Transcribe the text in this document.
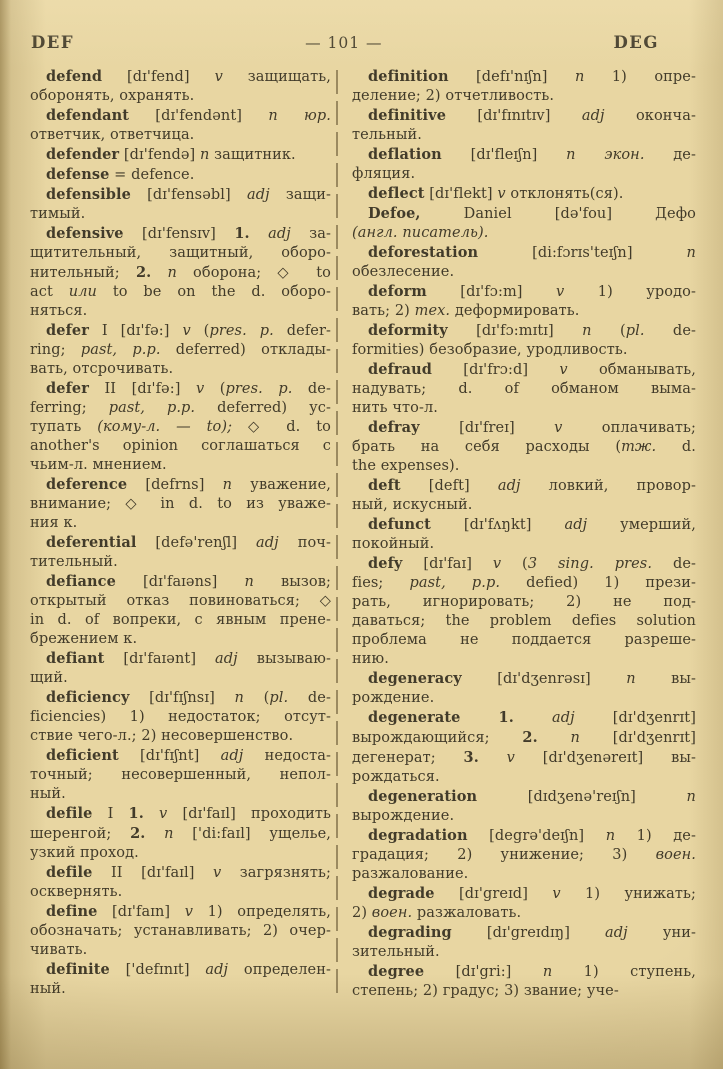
DEF	— 101 —	DEG
defend [dɪ'fend] v защищать,
оборонять, охранять.
defendant [dɪ'fendənt] n юр.
ответчик, ответчица.
defender [dɪ'fendə] n защитник.
defense = defence.
defensible [dɪ'fensəbl] adj защи-
тимый.
defensive [dɪ'fensɪv] 1. adj за-
щитительный, защитный, оборо-
нительный; 2. n оборона; ◇ to
act или to be on the d. оборо-
няться.
defer I [dɪ'fə:] v (pres. p. defer-
ring; past, p.p. deferred) отклады-
вать, отсрочивать.
defer II [dɪ'fə:] v (pres. p. de-
ferring; past, p.p. deferred) ус-
тупать (кому-л. — to); ◇ d. to
another's opinion соглашаться с
чьим-л. мнением.
deference [defrns] n уважение,
внимание; ◇ in d. to из уваже-
ния к.
deferential [defə'renʃl] adj поч-
тительный.
defiance [dɪ'faɪəns] n вызов;
открытый отказ повиноваться; ◇
in d. of вопреки, с явным прене-
брежением к.
defiant [dɪ'faɪənt] adj вызываю-
щий.
deficiency [dɪ'fɪʃnsɪ] n (pl. de-
ficiencies) 1) недостаток; отсут-
ствие чего-л.; 2) несовершенство.
deficient [dɪ'fɪʃnt] adj недоста-
точный; несовершенный, непол-
ный.
defile I 1. v [dɪ'faɪl] проходить
шеренгой; 2. n ['di:faɪl] ущелье,
узкий проход.
defile II [dɪ'faɪl] v загрязнять;
осквернять.
define [dɪ'faɪn] v 1) определять,
обозначать; устанавливать; 2) очер-
чивать.
definite ['defɪnɪt] adj определен-
ный.
definition [defɪ'nɪʃn] n 1) опре-
деление; 2) отчетливость.
definitive [dɪ'fɪnɪtɪv] adj оконча-
тельный.
deflation [dɪ'fleɪʃn] n экон. де-
фляция.
deflect [dɪ'flekt] v отклонять(ся).
Defoe, Daniel [də'fou] Дефо
(англ. писатель).
deforestation [di:fɔrɪs'teɪʃn] n
обезлесение.
deform [dɪ'fɔ:m] v 1) уродо-
вать; 2) тех. деформировать.
deformity [dɪ'fɔ:mɪtɪ] n (pl. de-
formities) безобразие, уродливость.
defraud [dɪ'frɔ:d] v обманывать,
надувать; d. of обманом выма-
нить что-л.
defray [dɪ'freɪ] v оплачивать;
брать на себя расходы (тж. d.
the expenses).
deft [deft] adj ловкий, провор-
ный, искусный.
defunct [dɪ'fʌŋkt] adj умерший,
покойный.
defy [dɪ'faɪ] v (3 sing. pres. de-
fies; past, p.p. defied) 1) прези-
рать, игнорировать; 2) не под-
даваться; the problem defies solution
проблема не поддается разреше-
нию.
degeneracy [dɪ'dʒenrəsɪ] n вы-
рождение.
degenerate	1.	adj [dɪ'dʒenrɪt]
вырождающийся; 2. n [dɪ'dʒenrɪt]
дегенерат; 3. v [dɪ'dʒenəreɪt] вы-
рождаться.
degeneration [dɪdʒenə'reɪʃn] n
вырождение.
degradation [degrə'deɪʃn] n 1) де-
градация; 2) унижение; 3) воен.
разжалование.
degrade [dɪ'greɪd] v 1) унижать;
2) воен. разжаловать.
degrading [dɪ'greɪdɪŋ] adj уни-
зительный.
degree [dɪ'gri:] n 1) ступень,
степень; 2) градус; 3) звание; уче-
